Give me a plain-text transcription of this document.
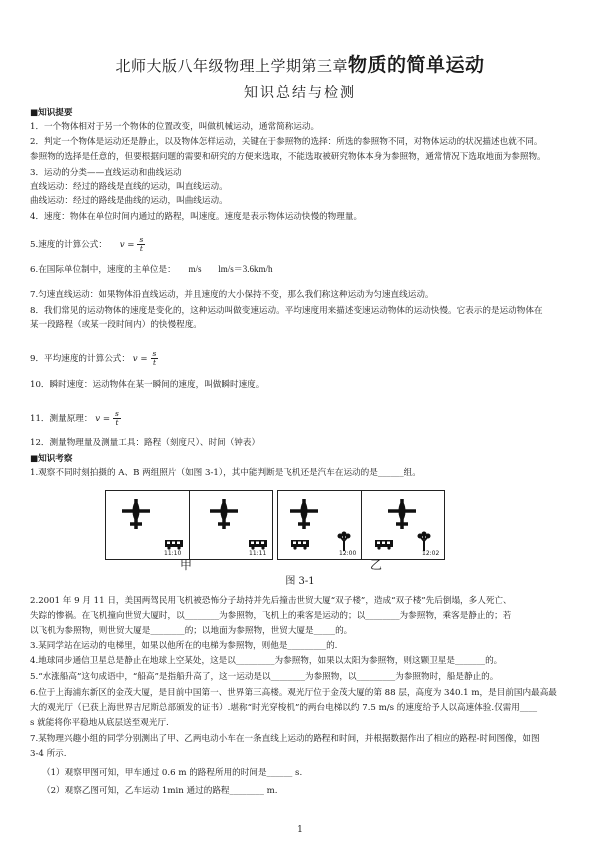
北师大版八年级物理上学期第三章物质的简单运动
知识总结与检测
■知识提要
1．一个物体相对于另一个物体的位置改变，叫做机械运动，通常简称运动。
2．判定一个物体是运动还是静止，以及物体怎样运动，关键在于参照物的选择：所选的参照物不同，对物体运动的状况描述也就不同。
参照物的选择是任意的，但要根据问题的需要和研究的方便来选取，不能选取被研究物体本身为参照物，通常情况下选取地面为参照物。
3．运动的分类——直线运动和曲线运动
直线运动：经过的路线是直线的运动，叫直线运动。
曲线运动：经过的路线是曲线的运动，叫曲线运动。
4．速度：物体在单位时间内通过的路程，叫速度。速度是表示物体运动快慢的物理量。
5.速度的计算公式： $v = \frac{s}{t}$
6.在国际单位制中，速度的主单位是： m/s lm/s＝3.6km/h
7.匀速直线运动：如果物体沿直线运动，并且速度的大小保持不变，那么我们称这种运动为匀速直线运动。
8．我们常见的运动物体的速度是变化的，这种运动叫做变速运动。平均速度用来描述变速运动物体的运动快慢。它表示的是运动物体在
某一段路程（或某一段时间内）的快慢程度。
9．平均速度的计算公式： $v = \frac{s}{t}$
10．瞬时速度：运动物体在某一瞬间的速度，叫做瞬时速度。
11．测量原理： $v = \frac{s}{t}$
12．测量物理量及测量工具：路程（刻度尺）、时间（钟表）
■知识考察
1.观察不同时刻拍摄的 A、B 两组照片（如图 3-1），其中能判断是飞机还是汽车在运动的是______组。
11:10	11:11	12:00	12:02
甲	乙
图 3-1
2.2001 年 9 月 11 日，美国两驾民用飞机被恐怖分子劫持并先后撞击世贸大厦“双子楼”，造成“双子楼”先后倒塌，多人死亡、
失踪的惨祸。在飞机撞向世贸大厦时，以________为参照物，飞机上的乘客是运动的；以________为参照物，乘客是静止的；若
以飞机为参照物，则世贸大厦是________的；以地面为参照物，世贸大厦是_____的。
3.某同学站在运动的电梯里，如果以他所在的电梯为参照物，则他是_________的.
4.地球同步通信卫星总是静止在地球上空某处，这是以_________为参照物，如果以太阳为参照物，则这颗卫星是_______的。
5.“水涨船高”这句成语中，“船高”是指船升高了，这一运动是以________为参照物，以_________为参照物时，船是静止的。
6.位于上海浦东新区的金茂大厦，是目前中国第一、世界第三高楼。观光厅位于金茂大厦的第 88 层，高度为 340.1 m，是目前国内最高最
大的观光厅（已获上海世界吉尼斯总部颁发的证书）.堪称“时光穿梭机”的两台电梯以约 7.5 m/s 的速度给予人以高速体验.仅需用____
s 就能将你平稳地从底层送至观光厅.
7.某物理兴趣小组的同学分别测出了甲、乙两电动小车在一条直线上运动的路程和时间，并根据数据作出了相应的路程-时间图像，如图
3-4 所示.
（1）观察甲图可知，甲车通过 0.6 m 的路程所用的时间是______ s.
（2）观察乙图可知，乙车运动 1min 通过的路程________ m.
1
